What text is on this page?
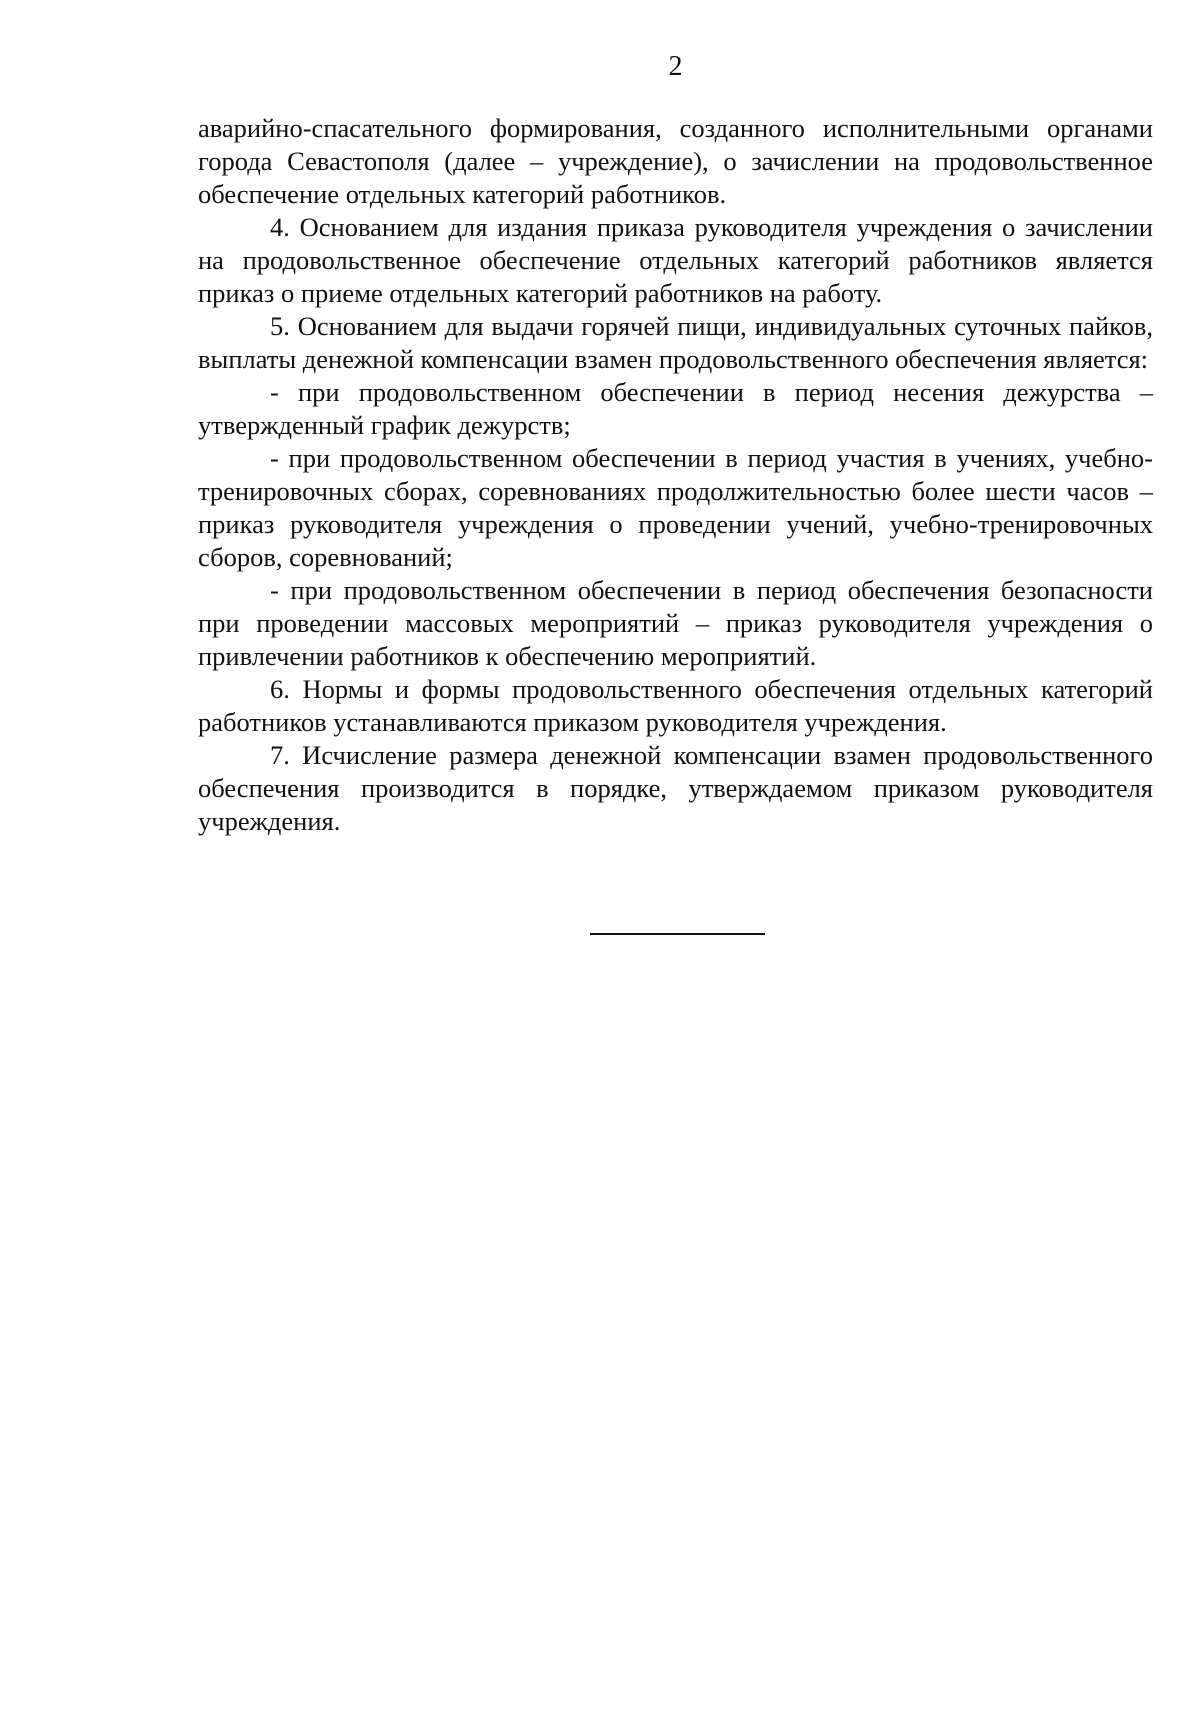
2

аварийно-спасательного формирования, созданного исполнительными органами города Севастополя (далее – учреждение), о зачислении на продовольственное обеспечение отдельных категорий работников.

4. Основанием для издания приказа руководителя учреждения о зачислении на продовольственное обеспечение отдельных категорий работников является приказ о приеме отдельных категорий работников на работу.

5. Основанием для выдачи горячей пищи, индивидуальных суточных пайков, выплаты денежной компенсации взамен продовольственного обеспечения является:

- при продовольственном обеспечении в период несения дежурства – утвержденный график дежурств;

- при продовольственном обеспечении в период участия в учениях, учебно-тренировочных сборах, соревнованиях продолжительностью более шести часов – приказ руководителя учреждения о проведении учений, учебно-тренировочных сборов, соревнований;

- при продовольственном обеспечении в период обеспечения безопасности при проведении массовых мероприятий – приказ руководителя учреждения о привлечении работников к обеспечению мероприятий.

6. Нормы и формы продовольственного обеспечения отдельных категорий работников устанавливаются приказом руководителя учреждения.

7. Исчисление размера денежной компенсации взамен продовольственного обеспечения производится в порядке, утверждаемом приказом руководителя учреждения.
